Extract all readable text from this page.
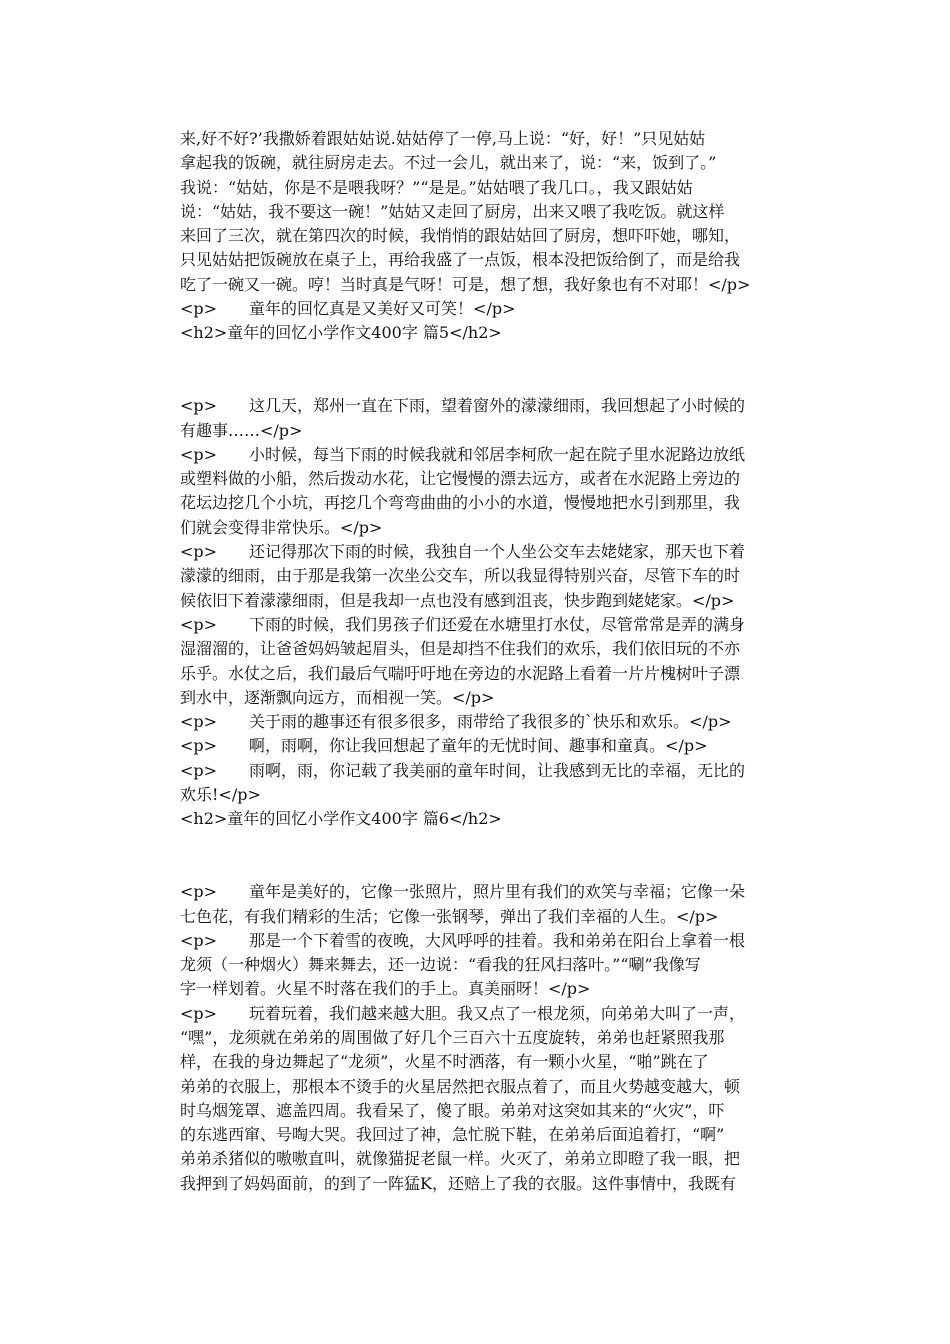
来,好不好?’我撒娇着跟姑姑说.姑姑停了一停,马上说：“好，好！”只见姑姑
拿起我的饭碗，就往厨房走去。不过一会儿，就出来了，说：“来，饭到了。”
我说：“姑姑，你是不是喂我呀？”“是是。”姑姑喂了我几口。，我又跟姑姑
说：“姑姑，我不要这一碗！”姑姑又走回了厨房，出来又喂了我吃饭。就这样
来回了三次，就在第四次的时候，我悄悄的跟姑姑回了厨房，想吓吓她，哪知，
只见姑姑把饭碗放在桌子上，再给我盛了一点饭，根本没把饭给倒了，而是给我
吃了一碗又一碗。哼！当时真是气呀！可是，想了想，我好象也有不对耶！</p>
<p>　　童年的回忆真是又美好又可笑！</p>
<h2>童年的回忆小学作文400字 篇5</h2>
<p>　　这几天，郑州一直在下雨，望着窗外的濛濛细雨，我回想起了小时候的
有趣事……</p>
<p>　　小时候，每当下雨的时候我就和邻居李柯欣一起在院子里水泥路边放纸
或塑料做的小船，然后拨动水花，让它慢慢的漂去远方，或者在水泥路上旁边的
花坛边挖几个小坑，再挖几个弯弯曲曲的小小的水道，慢慢地把水引到那里，我
们就会变得非常快乐。</p>
<p>　　还记得那次下雨的时候，我独自一个人坐公交车去姥姥家，那天也下着
濛濛的细雨，由于那是我第一次坐公交车，所以我显得特别兴奋，尽管下车的时
候依旧下着濛濛细雨，但是我却一点也没有感到沮丧，快步跑到姥姥家。</p>
<p>　　下雨的时候，我们男孩子们还爱在水塘里打水仗，尽管常常是弄的满身
湿溜溜的，让爸爸妈妈皱起眉头，但是却挡不住我们的欢乐，我们依旧玩的不亦
乐乎。水仗之后，我们最后气喘吁吁地在旁边的水泥路上看着一片片槐树叶子漂
到水中，逐渐飘向远方，而相视一笑。</p>
<p>　　关于雨的趣事还有很多很多，雨带给了我很多的`快乐和欢乐。</p>
<p>　　啊，雨啊，你让我回想起了童年的无忧时间、趣事和童真。</p>
<p>　　雨啊，雨，你记载了我美丽的童年时间，让我感到无比的幸福，无比的
欢乐!</p>
<h2>童年的回忆小学作文400字 篇6</h2>
<p>　　童年是美好的，它像一张照片，照片里有我们的欢笑与幸福；它像一朵
七色花，有我们精彩的生活；它像一张钢琴，弹出了我们幸福的人生。</p>
<p>　　那是一个下着雪的夜晚，大风呼呼的挂着。我和弟弟在阳台上拿着一根
龙须（一种烟火）舞来舞去，还一边说：“看我的狂风扫落叶。”“唰”我像写
字一样划着。火星不时落在我们的手上。真美丽呀！</p>
<p>　　玩着玩着，我们越来越大胆。我又点了一根龙须，向弟弟大叫了一声，
“嘿”，龙须就在弟弟的周围做了好几个三百六十五度旋转，弟弟也赶紧照我那
样，在我的身边舞起了“龙须”，火星不时洒落，有一颗小火星，“啪”跳在了
弟弟的衣服上，那根本不烫手的火星居然把衣服点着了，而且火势越变越大，顿
时乌烟笼罩、遮盖四周。我看呆了，傻了眼。弟弟对这突如其来的“火灾”，吓
的东逃西窜、号啕大哭。我回过了神，急忙脱下鞋，在弟弟后面追着打，“啊”
弟弟杀猪似的嗷嗷直叫，就像猫捉老鼠一样。火灭了，弟弟立即瞪了我一眼，把
我押到了妈妈面前，的到了一阵猛K，还赔上了我的衣服。这件事情中，我既有
